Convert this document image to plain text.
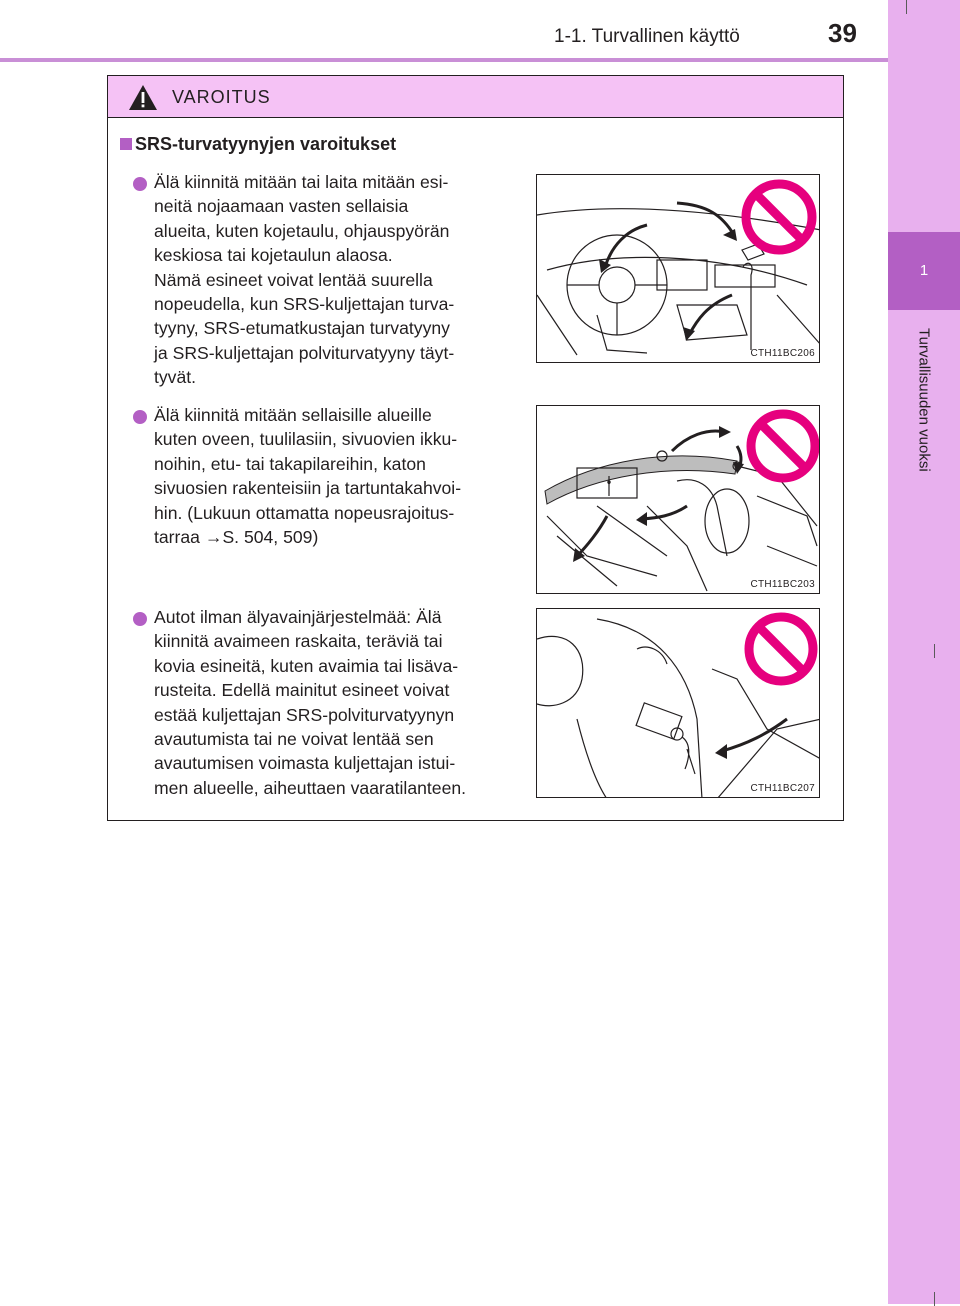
1
Turvallisuuden vuoksi
1-1. Turvallinen käyttö	39
VAROITUS
SRS-turvatyynyjen varoitukset

Älä kiinnitä mitään tai laita mitään esi-
neitä nojaamaan vasten sellaisia
alueita, kuten kojetaulu, ohjauspyörän
keskiosa tai kojetaulun alaosa.

Nämä esineet voivat lentää suurella
nopeudella, kun SRS-kuljettajan turva-
tyyny, SRS-etumatkustajan turvatyyny
ja SRS-kuljettajan polviturvatyyny täyt-
tyvät.

CTH11BC206

Älä kiinnitä mitään sellaisille alueille
kuten oveen, tuulilasiin, sivuovien ikku-
noihin, etu- tai takapilareihin, katon
sivuosien rakenteisiin ja tartuntakahvoi-
hin. (Lukuun ottamatta nopeusrajoitus-
tarraa →S. 504, 509)

CTH11BC203

Autot ilman älyavainjärjestelmää: Älä
kiinnitä avaimeen raskaita, teräviä tai
kovia esineitä, kuten avaimia tai lisäva-
rusteita. Edellä mainitut esineet voivat
estää kuljettajan SRS-polviturvatyynyn
avautumista tai ne voivat lentää sen
avautumisen voimasta kuljettajan istui-
men alueelle, aiheuttaen vaaratilanteen.	CTH11BC207
